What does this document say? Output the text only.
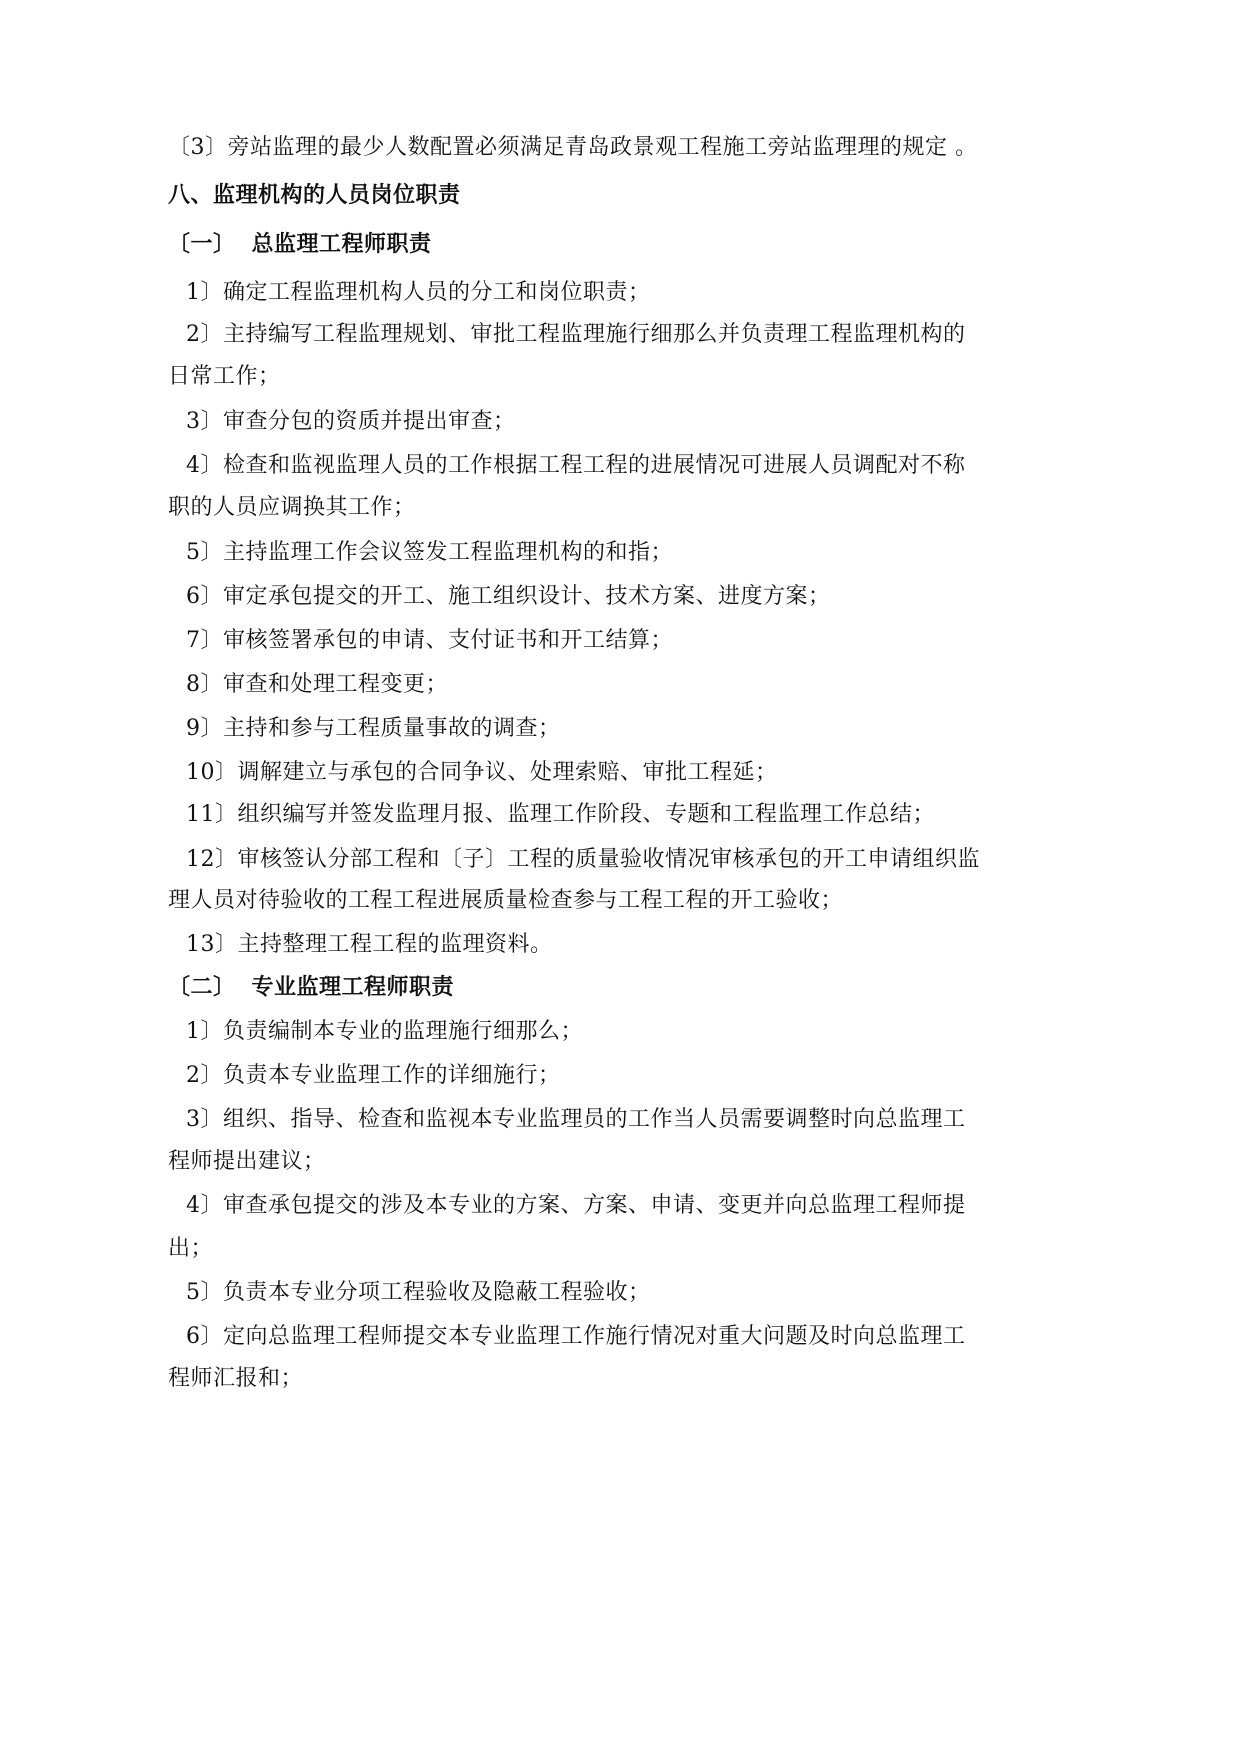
〔3〕旁站监理的最少人数配置必须满足青岛政景观工程施工旁站监理理的规定 。
八、监理机构的人员岗位职责
〔一〕 总监理工程师职责
1〕确定工程监理机构人员的分工和岗位职责；
2〕主持编写工程监理规划、审批工程监理施行细那么并负责理工程监理机构的
日常工作；
3〕审查分包的资质并提出审查；
4〕检查和监视监理人员的工作根据工程工程的进展情况可进展人员调配对不称
职的人员应调换其工作；
5〕主持监理工作会议签发工程监理机构的和指；
6〕审定承包提交的开工、施工组织设计、技术方案、进度方案；
7〕审核签署承包的申请、支付证书和开工结算；
8〕审查和处理工程变更；
9〕主持和参与工程质量事故的调查；
10〕调解建立与承包的合同争议、处理索赔、审批工程延；
11〕组织编写并签发监理月报、监理工作阶段、专题和工程监理工作总结；
12〕审核签认分部工程和〔子〕工程的质量验收情况审核承包的开工申请组织监
理人员对待验收的工程工程进展质量检查参与工程工程的开工验收；
13〕主持整理工程工程的监理资料。
〔二〕 专业监理工程师职责
1〕负责编制本专业的监理施行细那么；
2〕负责本专业监理工作的详细施行；
3〕组织、指导、检查和监视本专业监理员的工作当人员需要调整时向总监理工
程师提出建议；
4〕审查承包提交的涉及本专业的方案、方案、申请、变更并向总监理工程师提
出；
5〕负责本专业分项工程验收及隐蔽工程验收；
6〕定向总监理工程师提交本专业监理工作施行情况对重大问题及时向总监理工
程师汇报和；
